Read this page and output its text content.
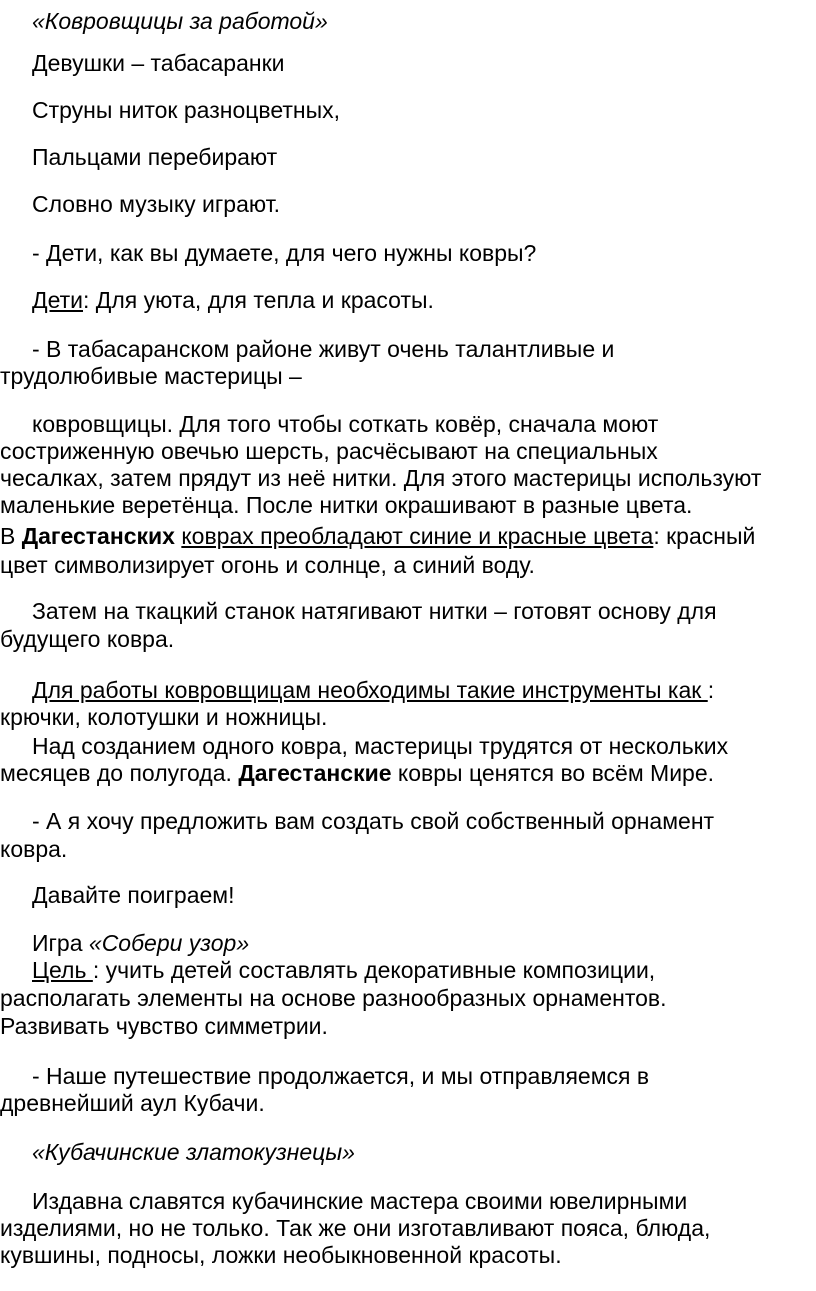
«Ковровщицы за работой»
Девушки – табасаранки
Струны ниток разноцветных,
Пальцами перебирают
Словно музыку играют.
- Дети, как вы думаете, для чего нужны ковры?
Дети: Для уюта, для тепла и красоты.
- В табасаранском районе живут очень талантливые и
трудолюбивые мастерицы –
ковровщицы. Для того чтобы соткать ковёр, сначала моют
состриженную овечью шерсть, расчёсывают на специальных
чесалках, затем прядут из неё нитки. Для этого мастерицы используют
маленькие веретёнца. После нитки окрашивают в разные цвета.
В Дагестанских коврах преобладают синие и красные цвета: красный
цвет символизирует огонь и солнце, а синий воду.
Затем на ткацкий станок натягивают нитки – готовят основу для
будущего ковра.
Для работы ковровщицам необходимы такие инструменты как :
крючки, колотушки и ножницы.
Над созданием одного ковра, мастерицы трудятся от нескольких
месяцев до полугода. Дагестанские ковры ценятся во всём Мире.
- А я хочу предложить вам создать свой собственный орнамент
ковра.
Давайте поиграем!
Игра «Собери узор»
Цель : учить детей составлять декоративные композиции,
располагать элементы на основе разнообразных орнаментов.
Развивать чувство симметрии.
- Наше путешествие продолжается, и мы отправляемся в
древнейший аул Кубачи.
«Кубачинские златокузнецы»
Издавна славятся кубачинские мастера своими ювелирными
изделиями, но не только. Так же они изготавливают пояса, блюда,
кувшины, подносы, ложки необыкновенной красоты.
